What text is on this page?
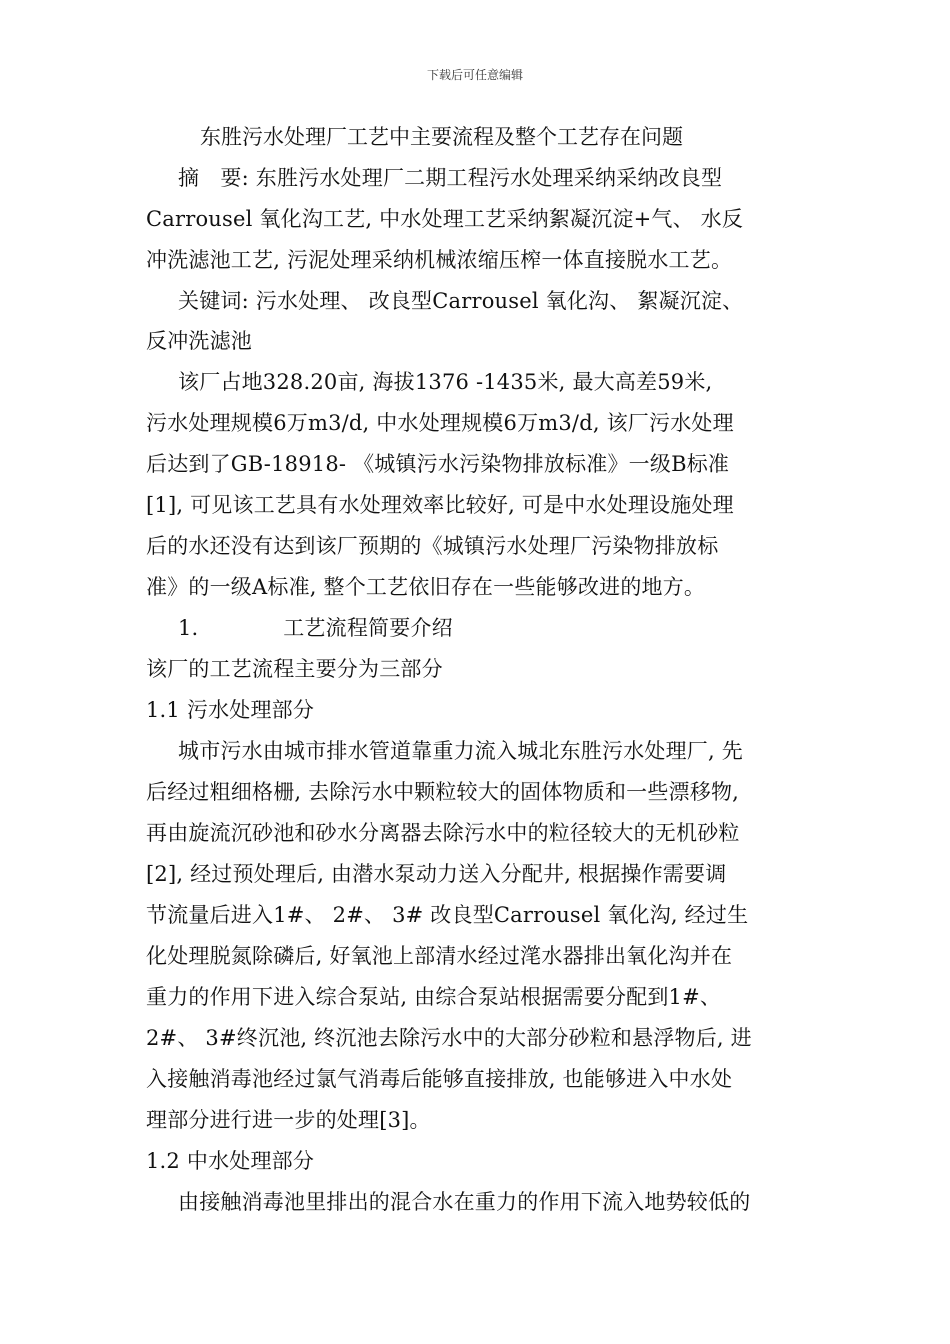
下载后可任意编辑
东胜污水处理厂工艺中主要流程及整个工艺存在问题
摘　要: 东胜污水处理厂二期工程污水处理采纳采纳改良型
Carrousel 氧化沟工艺, 中水处理工艺采纳絮凝沉淀+气、 水反
冲洗滤池工艺, 污泥处理采纳机械浓缩压榨一体直接脱水工艺。
关键词: 污水处理、 改良型Carrousel 氧化沟、 絮凝沉淀、
反冲洗滤池
该厂占地328.20亩, 海拔1376 -1435米, 最大高差59米,
污水处理规模6万m3/d, 中水处理规模6万m3/d, 该厂污水处理
后达到了GB-18918- 《城镇污水污染物排放标准》一级B标准
[1], 可见该工艺具有水处理效率比较好, 可是中水处理设施处理
后的水还没有达到该厂预期的《城镇污水处理厂污染物排放标
准》的一级A标准, 整个工艺依旧存在一些能够改进的地方。
1.　　　　工艺流程简要介绍
该厂的工艺流程主要分为三部分
1.1 污水处理部分
城市污水由城市排水管道靠重力流入城北东胜污水处理厂, 先
后经过粗细格栅, 去除污水中颗粒较大的固体物质和一些漂移物,
再由旋流沉砂池和砂水分离器去除污水中的粒径较大的无机砂粒
[2], 经过预处理后, 由潜水泵动力送入分配井, 根据操作需要调
节流量后进入1#、 2#、 3# 改良型Carrousel 氧化沟, 经过生
化处理脱氮除磷后, 好氧池上部清水经过滗水器排出氧化沟并在
重力的作用下进入综合泵站, 由综合泵站根据需要分配到1#、
2#、 3#终沉池, 终沉池去除污水中的大部分砂粒和悬浮物后, 进
入接触消毒池经过氯气消毒后能够直接排放, 也能够进入中水处
理部分进行进一步的处理[3]。
1.2 中水处理部分
由接触消毒池里排出的混合水在重力的作用下流入地势较低的
